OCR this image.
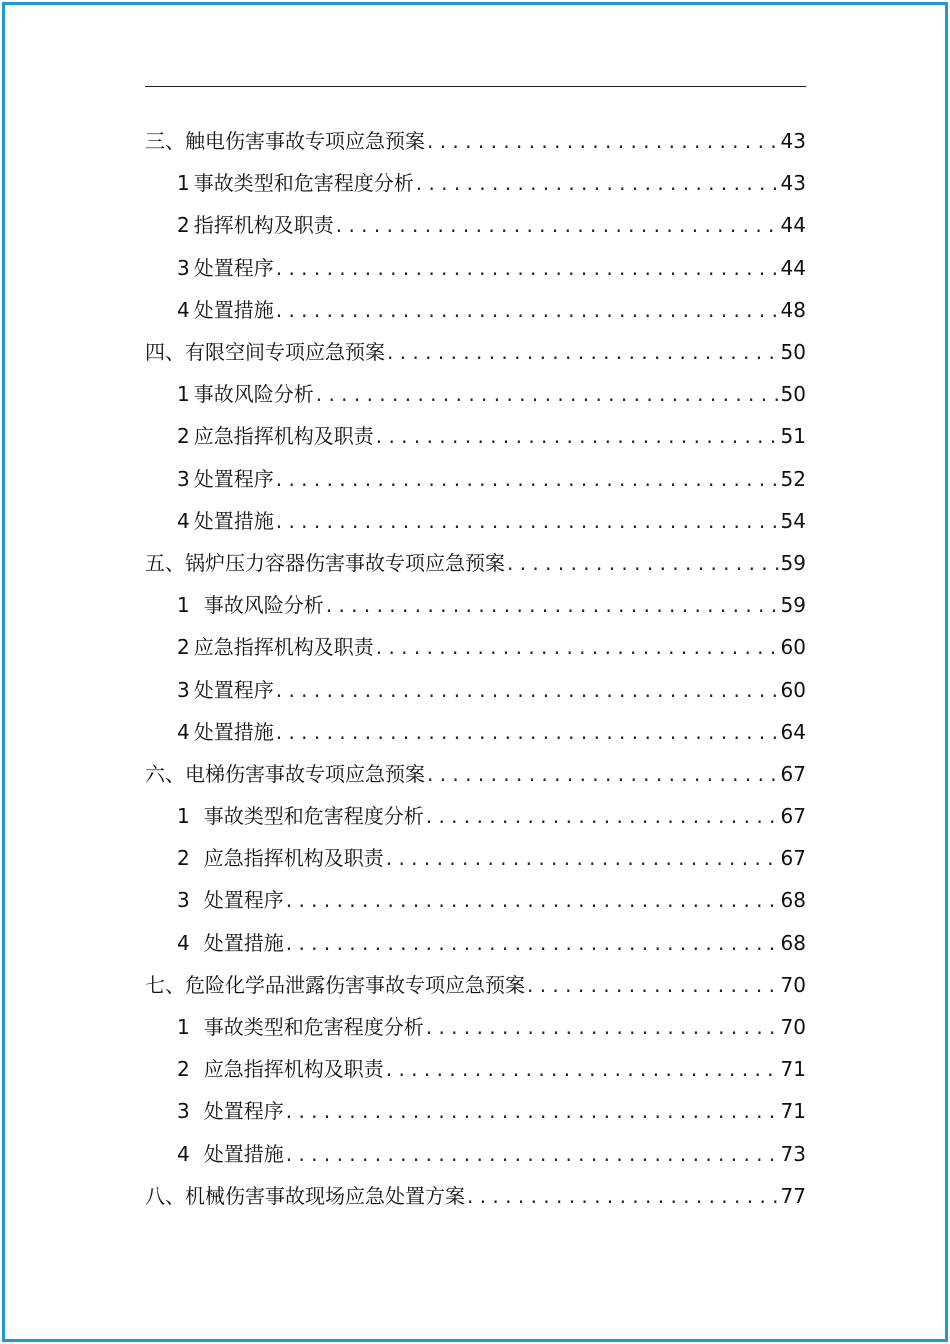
三、触电伤害事故专项应急预案 . . .	43
1 事故类型和危害程度分析 . . .	43
2 指挥机构及职责 . . .	44
3 处置程序 . . .	44
4 处置措施 . . .	48
四、有限空间专项应急预案 . . .	50
1 事故风险分析 . . .	50
2 应急指挥机构及职责 . . .	51
3 处置程序 . . .	52
4 处置措施 . . .	54
五、锅炉压力容器伤害事故专项应急预案 . . .	59
1 事故风险分析 . . .	59
2 应急指挥机构及职责 . . .	60
3 处置程序 . . .	60
4 处置措施 . . .	64
六、电梯伤害事故专项应急预案 . . .	67
1 事故类型和危害程度分析 . . .	67
2 应急指挥机构及职责 . . .	67
3 处置程序 . . .	68
4 处置措施 . . .	68
七、危险化学品泄露伤害事故专项应急预案 . . .	70
1 事故类型和危害程度分析 . . .	70
2 应急指挥机构及职责 . . .	71
3 处置程序 . . .	71
4 处置措施 . . .	73
八、机械伤害事故现场应急处置方案 . . .	77
